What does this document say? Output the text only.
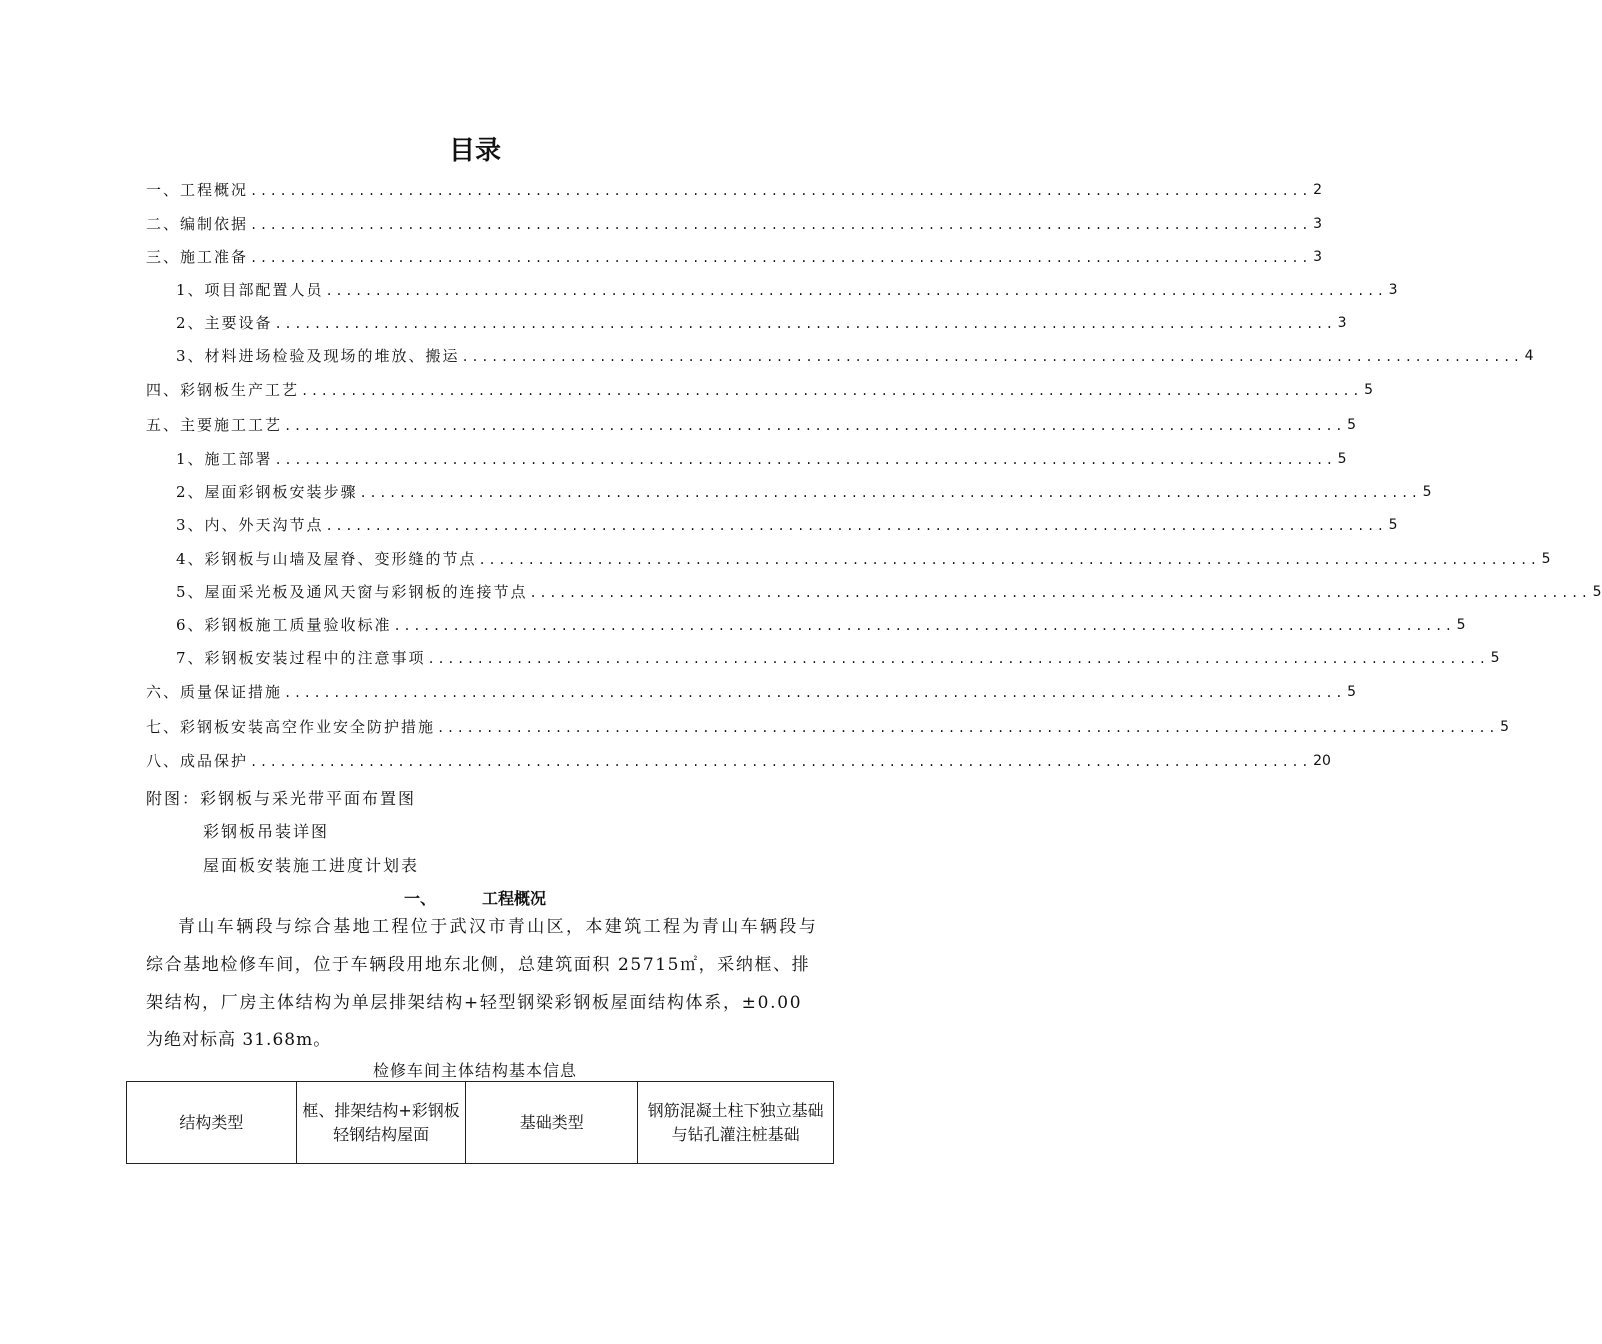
目录
一、工程概况 ............................................................................................................ 2
二、编制依据 ............................................................................................................ 3
三、施工准备 ............................................................................................................ 3
1、项目部配置人员 ............................................................................................................ 3
2、主要设备 ............................................................................................................ 3
3、材料进场检验及现场的堆放、搬运 ............................................................................................................ 4
四、彩钢板生产工艺 ............................................................................................................ 5
五、主要施工工艺 ............................................................................................................ 5
1、施工部署 ............................................................................................................ 5
2、屋面彩钢板安装步骤 ............................................................................................................ 5
3、内、外天沟节点 ............................................................................................................ 5
4、彩钢板与山墙及屋脊、变形缝的节点 ............................................................................................................ 5
5、屋面采光板及通风天窗与彩钢板的连接节点 ............................................................................................................ 5
6、彩钢板施工质量验收标准 ............................................................................................................ 5
7、彩钢板安装过程中的注意事项 ............................................................................................................ 5
六、质量保证措施 ............................................................................................................ 5
七、彩钢板安装高空作业安全防护措施 ............................................................................................................ 5
八、成品保护 ............................................................................................................ 20
附图：彩钢板与采光带平面布置图
彩钢板吊装详图
屋面板安装施工进度计划表
一、	工程概况
青山车辆段与综合基地工程位于武汉市青山区，本建筑工程为青山车辆段与
综合基地检修车间，位于车辆段用地东北侧，总建筑面积 25715㎡，采纳框、排
架结构，厂房主体结构为单层排架结构+轻型钢梁彩钢板屋面结构体系，±0.00
为绝对标高 31.68m。
检修车间主体结构基本信息
结构类型	框、排架结构+彩钢板轻钢结构屋面	基础类型	钢筋混凝土柱下独立基础与钻孔灌注桩基础
